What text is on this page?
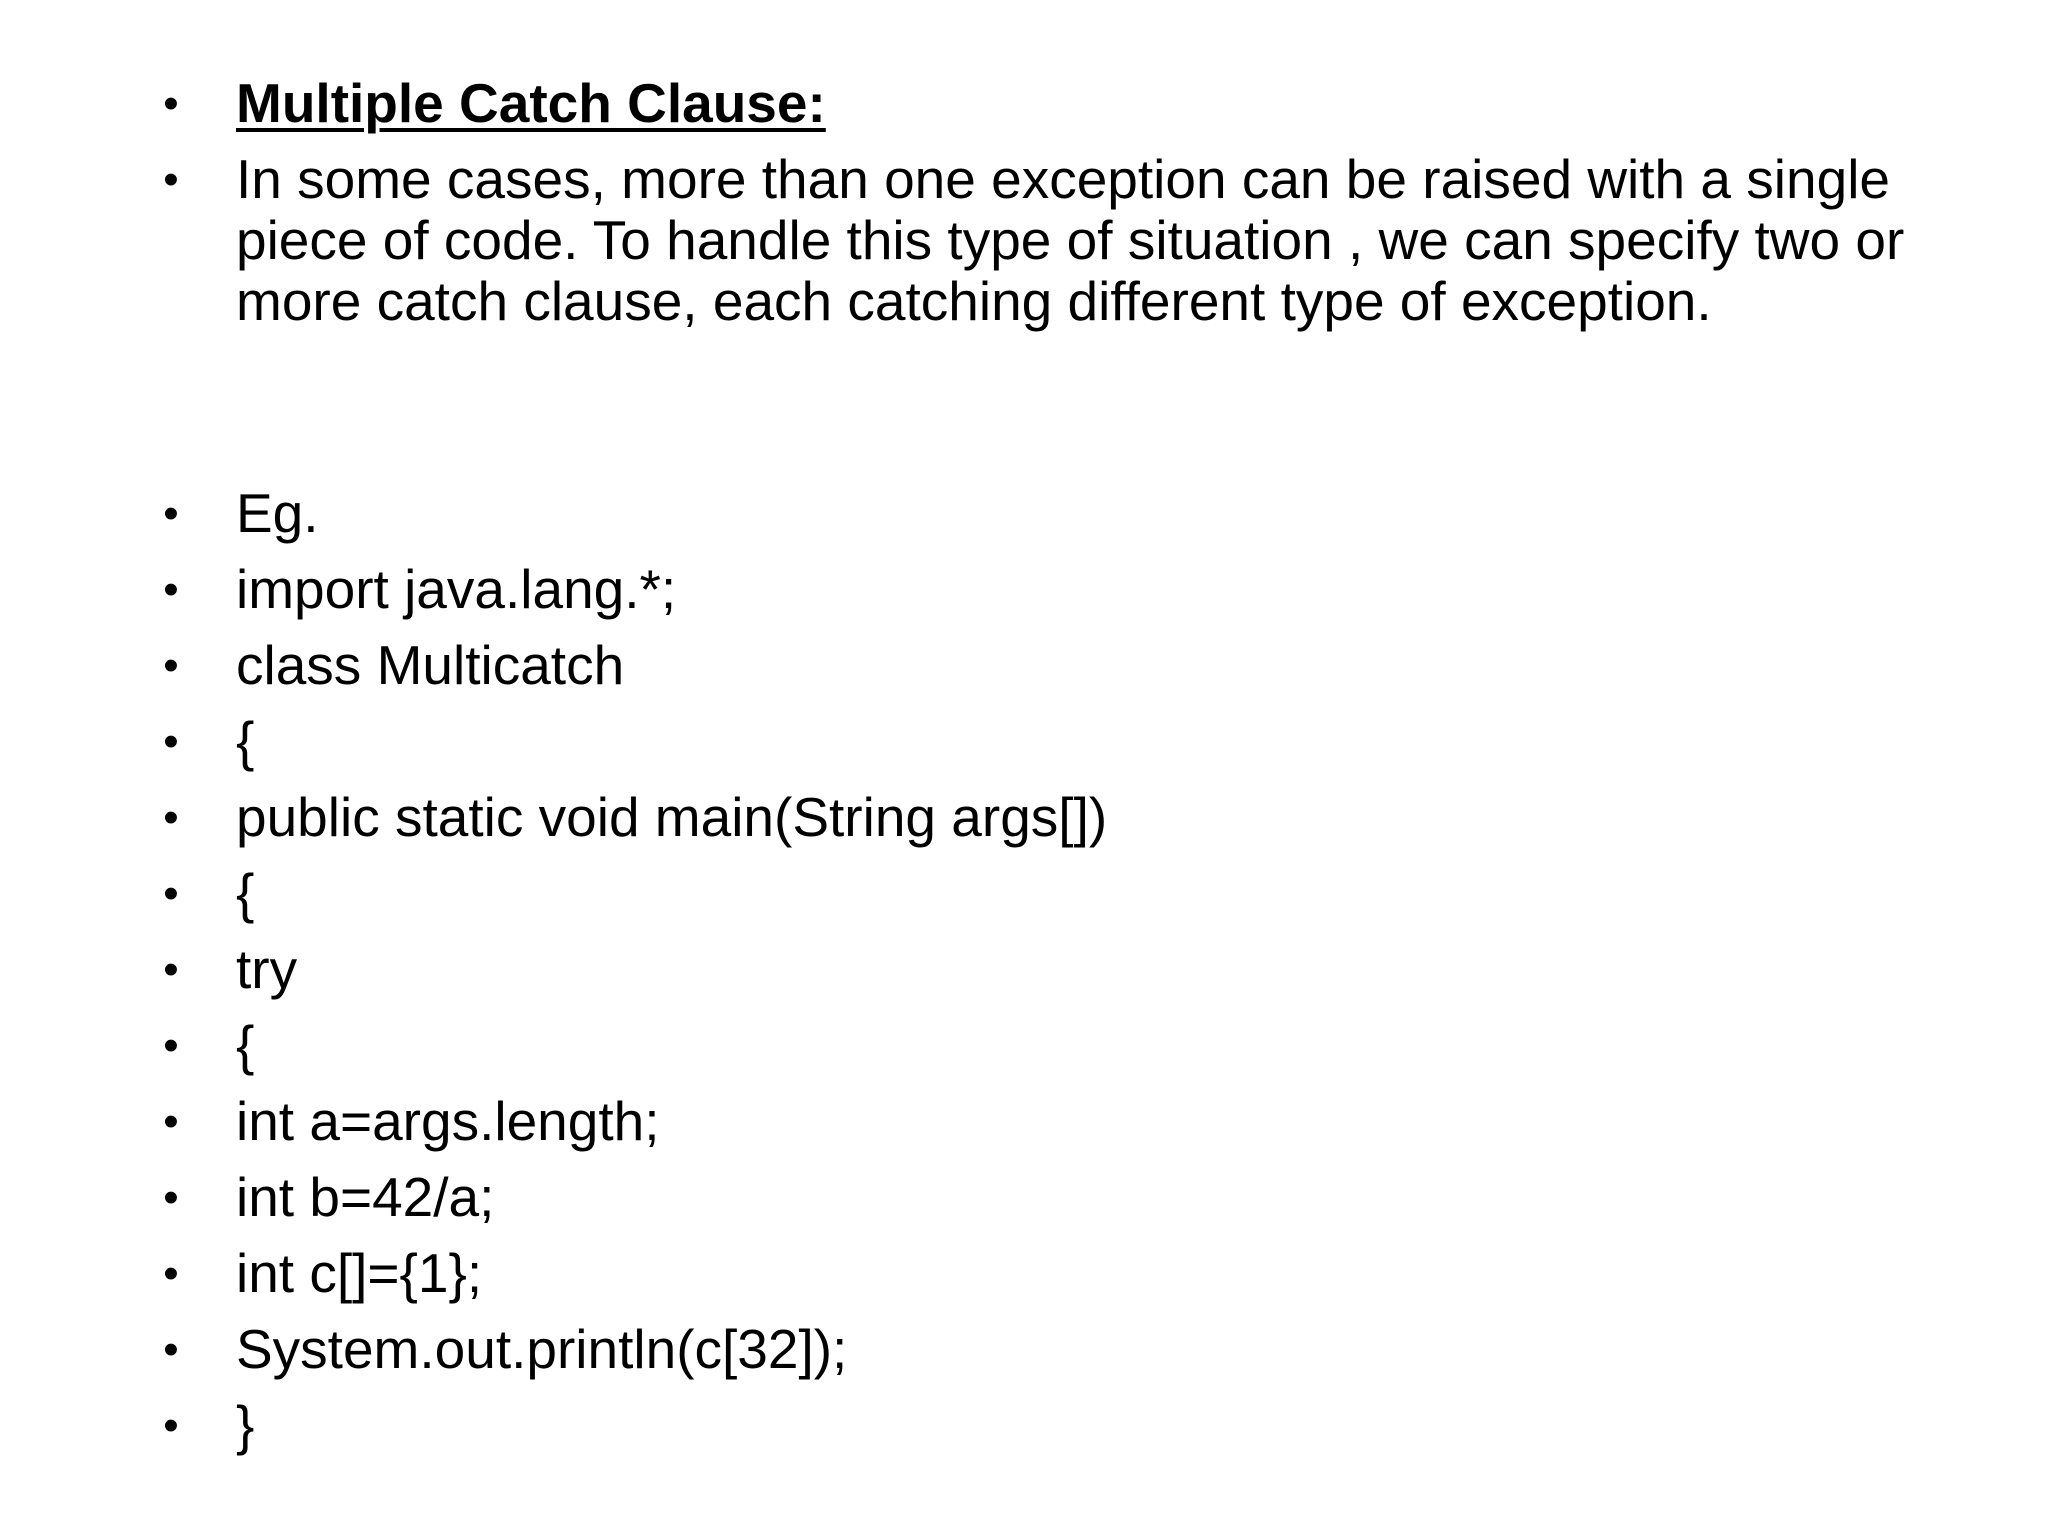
• Multiple Catch Clause:
• In some cases, more than one exception can be raised with a single piece of code. To handle this type of situation , we can specify two or more catch clause, each catching different type of exception.
• Eg.
• import java.lang.*;
• class Multicatch
• {
• public static void main(String args[])
• {
• try
• {
• int a=args.length;
• int b=42/a;
• int c[]={1};
• System.out.println(c[32]);
• }
